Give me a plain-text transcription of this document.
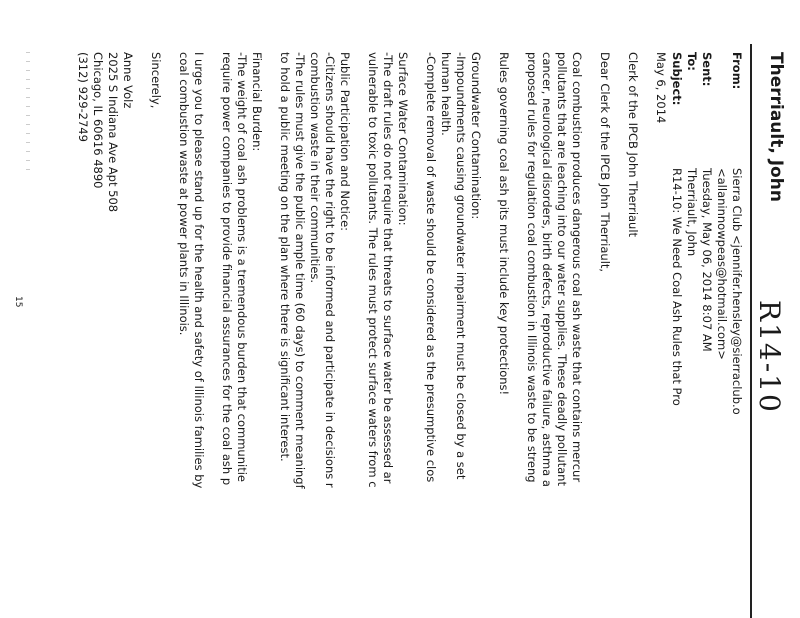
Therriault, John
R14-10
From:
Sierra Club <jennifer.hensley@sierraclub.o
<allaninnowpeas@hotmail.com>
Sent:
Tuesday, May 06, 2014 8:07 AM
To:
Therriault, John
Subject:
R14-10: We Need Coal Ash Rules that Pro
May 6, 2014
Clerk of the IPCB John Therriault
Dear Clerk of the IPCB John Therriault,
Coal combustion produces dangerous coal ash waste that contains mercur
pollutants that are leaching into our water supplies. These deadly pollutant
cancer, neurological disorders, birth defects, reproductive failure, asthma a
proposed rules for regulation coal combustion in Illinois waste to be streng
Rules governing coal ash pits must include key protections!
Groundwater Contamination:
-Impoundments causing groundwater impairment must be closed by a set
human health.
-Complete removal of waste should be considered as the presumptive clos
Surface Water Contamination:
-The draft rules do not require that threats to surface water be assessed ar
vulnerable to toxic pollutants. The rules must protect surface waters from c
Public Participation and Notice:
-Citizens should have the right to be informed and participate in decisions r
combustion waste in their communities.
-The rules must give the public ample time (60 days) to comment meaningf
to hold a public meeting on the plan where there is significant interest.
Financial Burden:
-The weight of coal ash problems is a tremendous burden that communitie
require power companies to provide financial assurances for the coal ash p
I urge you to please stand up for the health and safety of Illinois families by
coal combustion waste at power plants in Illinois.
Sincerely,
Anne Volz
2025 S Indiana Ave Apt 508
Chicago, IL 60616 4890
(312) 929-2749
15
